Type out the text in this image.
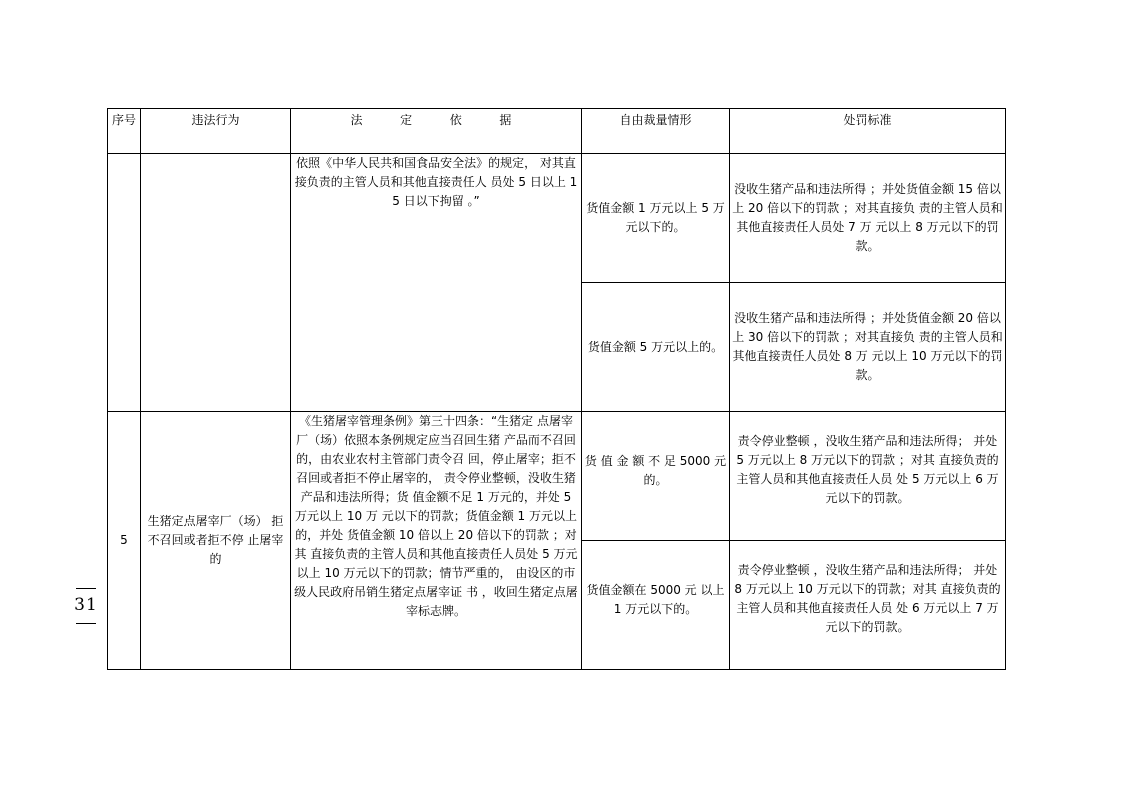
31
序号	违法行为	法  定  依  据	自由裁量情形	处罚标准
		依照《中华人民共和国食品安全法》的规定， 对其直接负责的主管人员和其他直接责任人 员处 5 日以上 15 日以下拘留 。”	货值金额 1 万元以上 5 万元以下的。	没收生猪产品和违法所得 ；并处货值金额 15 倍以上 20 倍以下的罚款 ；对其直接负 责的主管人员和其他直接责任人员处 7 万 元以上 8 万元以下的罚款。
			货值金额 5 万元以上的。	没收生猪产品和违法所得 ；并处货值金额 20 倍以上 30 倍以下的罚款 ；对其直接负 责的主管人员和其他直接责任人员处 8 万 元以上 10 万元以下的罚款。
5	生猪定点屠宰厂（场） 拒不召回或者拒不停 止屠宰的	《生猪屠宰管理条例》第三十四条：“生猪定 点屠宰厂（场）依照本条例规定应当召回生猪 产品而不召回的，由农业农村主管部门责令召 回，停止屠宰；拒不召回或者拒不停止屠宰的， 责令停业整顿，没收生猪产品和违法所得；货 值金额不足 1 万元的，并处 5 万元以上 10 万 元以下的罚款；货值金额 1 万元以上的，并处 货值金额 10 倍以上 20 倍以下的罚款 ；对其 直接负责的主管人员和其他直接责任人员处 5 万元以上 10 万元以下的罚款；情节严重的， 由设区的市级人民政府吊销生猪定点屠宰证 书 ，收回生猪定点屠宰标志牌。	货 值 金 额 不 足 5000 元的。	责令停业整顿 ，没收生猪产品和违法所得； 并处 5 万元以上 8 万元以下的罚款 ；对其 直接负责的主管人员和其他直接责任人员 处 5 万元以上 6 万元以下的罚款。
			货值金额在 5000 元 以上 1 万元以下的。	责令停业整顿 ，没收生猪产品和违法所得； 并处 8 万元以上 10 万元以下的罚款；对其 直接负责的主管人员和其他直接责任人员 处 6 万元以上 7 万元以下的罚款。
